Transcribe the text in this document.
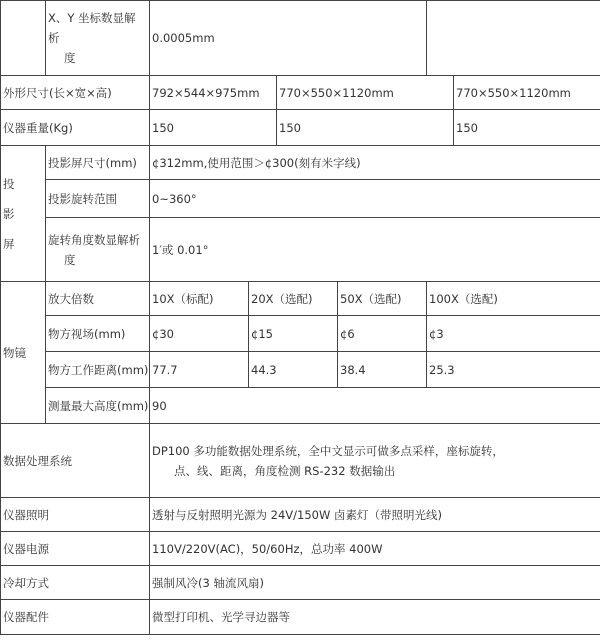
	X、Y 坐标数显解析
度	0.0005mm					
外形尺寸(长×宽×高)		792×544×975mm		770×550×1120mm			770×550×1120mm
仪器重量(Kg)		150		150			150

投
影
屏	投影屏尺寸(mm)	¢312mm,使用范围＞¢300(刻有米字线)					
	投影旋转范围	0~360°					

	旋转角度数显解析
度	1′或 0.01°					
物镜	放大倍数	10X（标配)	20X（选配)		50X（选配)	100X（选配)	
	物方视场(mm)	¢30	¢15		¢6	¢3	
	物方工作距离(mm)	77.7	44.3		38.4	25.3	
	测量最大高度(mm)	90					
数据处理系统		DP100 多功能数据处理系统，全中文显示可做多点采样，座标旋转，
点、线、距离，角度检测 RS-232 数据输出					

仪器照明		透射与反射照明光源为 24V/150W 卤素灯（带照明光线)					
仪器电源		110V/220V(AC)，50/60Hz，总功率 400W					
冷却方式		强制风冷(3 轴流风扇)					
仪器配件		微型打印机、光学寻边器等					
